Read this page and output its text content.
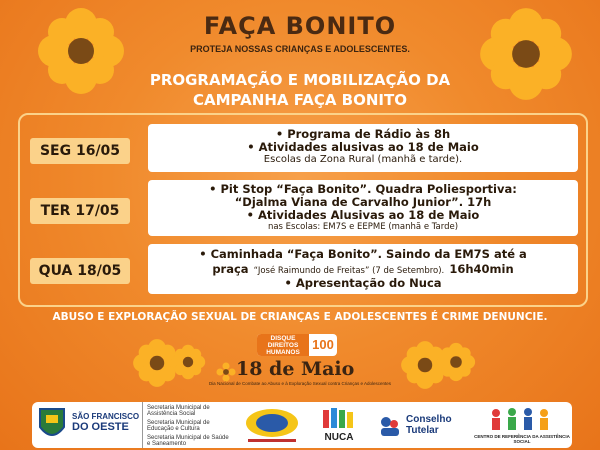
FAÇA BONITO
PROTEJA NOSSAS CRIANÇAS E ADOLESCENTES.
PROGRAMAÇÃO E MOBILIZAÇÃO DA
CAMPANHA FAÇA BONITO
SEG 16/05
• Programa de Rádio às 8h
• Atividades alusivas ao 18 de Maio
Escolas da Zona Rural (manhã e tarde).
TER 17/05
• Pit Stop “Faça Bonito”. Quadra Poliesportiva:
“Djalma Viana de Carvalho Junior”. 17h
• Atividades Alusivas ao 18 de Maio
nas Escolas: EM7S e EEPME (manhã e Tarde)
QUA 18/05
• Caminhada “Faça Bonito”. Saindo da EM7S até a
praça “José Raimundo de Freitas” (7 de Setembro). 16h40min
• Apresentação do Nuca
ABUSO E EXPLORAÇÃO SEXUAL DE CRIANÇAS E ADOLESCENTES É CRIME DENUNCIE.
DISQUE DIREITOS HUMANOS
100
18 de Maio
Dia Nacional de Combate ao Abuso e à Exploração Sexual contra Crianças e Adolescentes
SÃO FRANCISCO
DO OESTE
Secretaria Municipal de Assistência Social
Secretaria Municipal de Educação e Cultura
Secretaria Municipal de Saúde e Saneamento
NUCA
Conselho
Tutelar
CENTRO DE REFERÊNCIA DA ASSISTÊNCIA SOCIAL
